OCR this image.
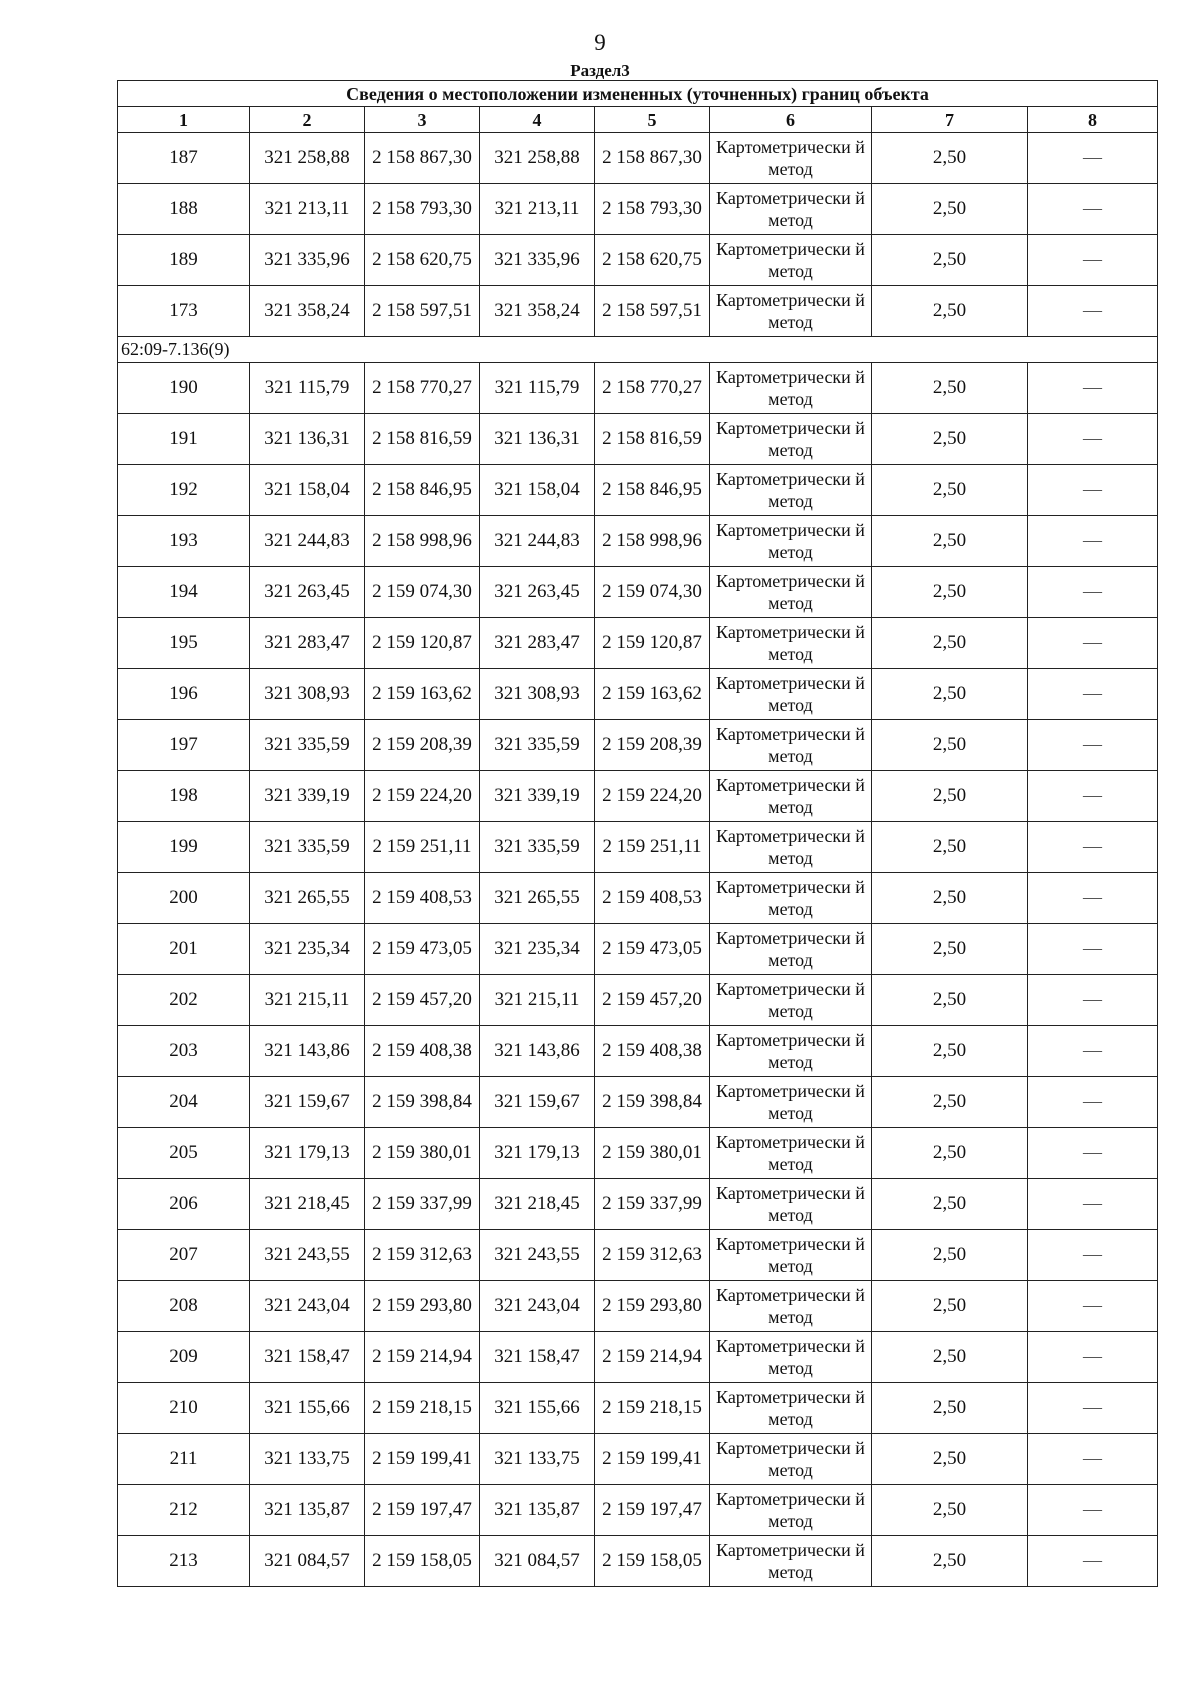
9
Раздел3
Сведения о местоположении измененных (уточненных) границ объекта							
1	2	3	4	5	6	7	8
187	321 258,88	2 158 867,30	321 258,88	2 158 867,30	Картометрически й метод	2,50	—
188	321 213,11	2 158 793,30	321 213,11	2 158 793,30	Картометрически й метод	2,50	—
189	321 335,96	2 158 620,75	321 335,96	2 158 620,75	Картометрически й метод	2,50	—
173	321 358,24	2 158 597,51	321 358,24	2 158 597,51	Картометрически й метод	2,50	—
62:09-7.136(9)							
190	321 115,79	2 158 770,27	321 115,79	2 158 770,27	Картометрически й метод	2,50	—
191	321 136,31	2 158 816,59	321 136,31	2 158 816,59	Картометрически й метод	2,50	—
192	321 158,04	2 158 846,95	321 158,04	2 158 846,95	Картометрически й метод	2,50	—
193	321 244,83	2 158 998,96	321 244,83	2 158 998,96	Картометрически й метод	2,50	—
194	321 263,45	2 159 074,30	321 263,45	2 159 074,30	Картометрически й метод	2,50	—
195	321 283,47	2 159 120,87	321 283,47	2 159 120,87	Картометрически й метод	2,50	—
196	321 308,93	2 159 163,62	321 308,93	2 159 163,62	Картометрически й метод	2,50	—
197	321 335,59	2 159 208,39	321 335,59	2 159 208,39	Картометрически й метод	2,50	—
198	321 339,19	2 159 224,20	321 339,19	2 159 224,20	Картометрически й метод	2,50	—
199	321 335,59	2 159 251,11	321 335,59	2 159 251,11	Картометрически й метод	2,50	—
200	321 265,55	2 159 408,53	321 265,55	2 159 408,53	Картометрически й метод	2,50	—
201	321 235,34	2 159 473,05	321 235,34	2 159 473,05	Картометрически й метод	2,50	—
202	321 215,11	2 159 457,20	321 215,11	2 159 457,20	Картометрически й метод	2,50	—
203	321 143,86	2 159 408,38	321 143,86	2 159 408,38	Картометрически й метод	2,50	—
204	321 159,67	2 159 398,84	321 159,67	2 159 398,84	Картометрически й метод	2,50	—
205	321 179,13	2 159 380,01	321 179,13	2 159 380,01	Картометрически й метод	2,50	—
206	321 218,45	2 159 337,99	321 218,45	2 159 337,99	Картометрически й метод	2,50	—
207	321 243,55	2 159 312,63	321 243,55	2 159 312,63	Картометрически й метод	2,50	—
208	321 243,04	2 159 293,80	321 243,04	2 159 293,80	Картометрически й метод	2,50	—
209	321 158,47	2 159 214,94	321 158,47	2 159 214,94	Картометрически й метод	2,50	—
210	321 155,66	2 159 218,15	321 155,66	2 159 218,15	Картометрически й метод	2,50	—
211	321 133,75	2 159 199,41	321 133,75	2 159 199,41	Картометрически й метод	2,50	—
212	321 135,87	2 159 197,47	321 135,87	2 159 197,47	Картометрически й метод	2,50	—
213	321 084,57	2 159 158,05	321 084,57	2 159 158,05	Картометрически й метод	2,50	—
